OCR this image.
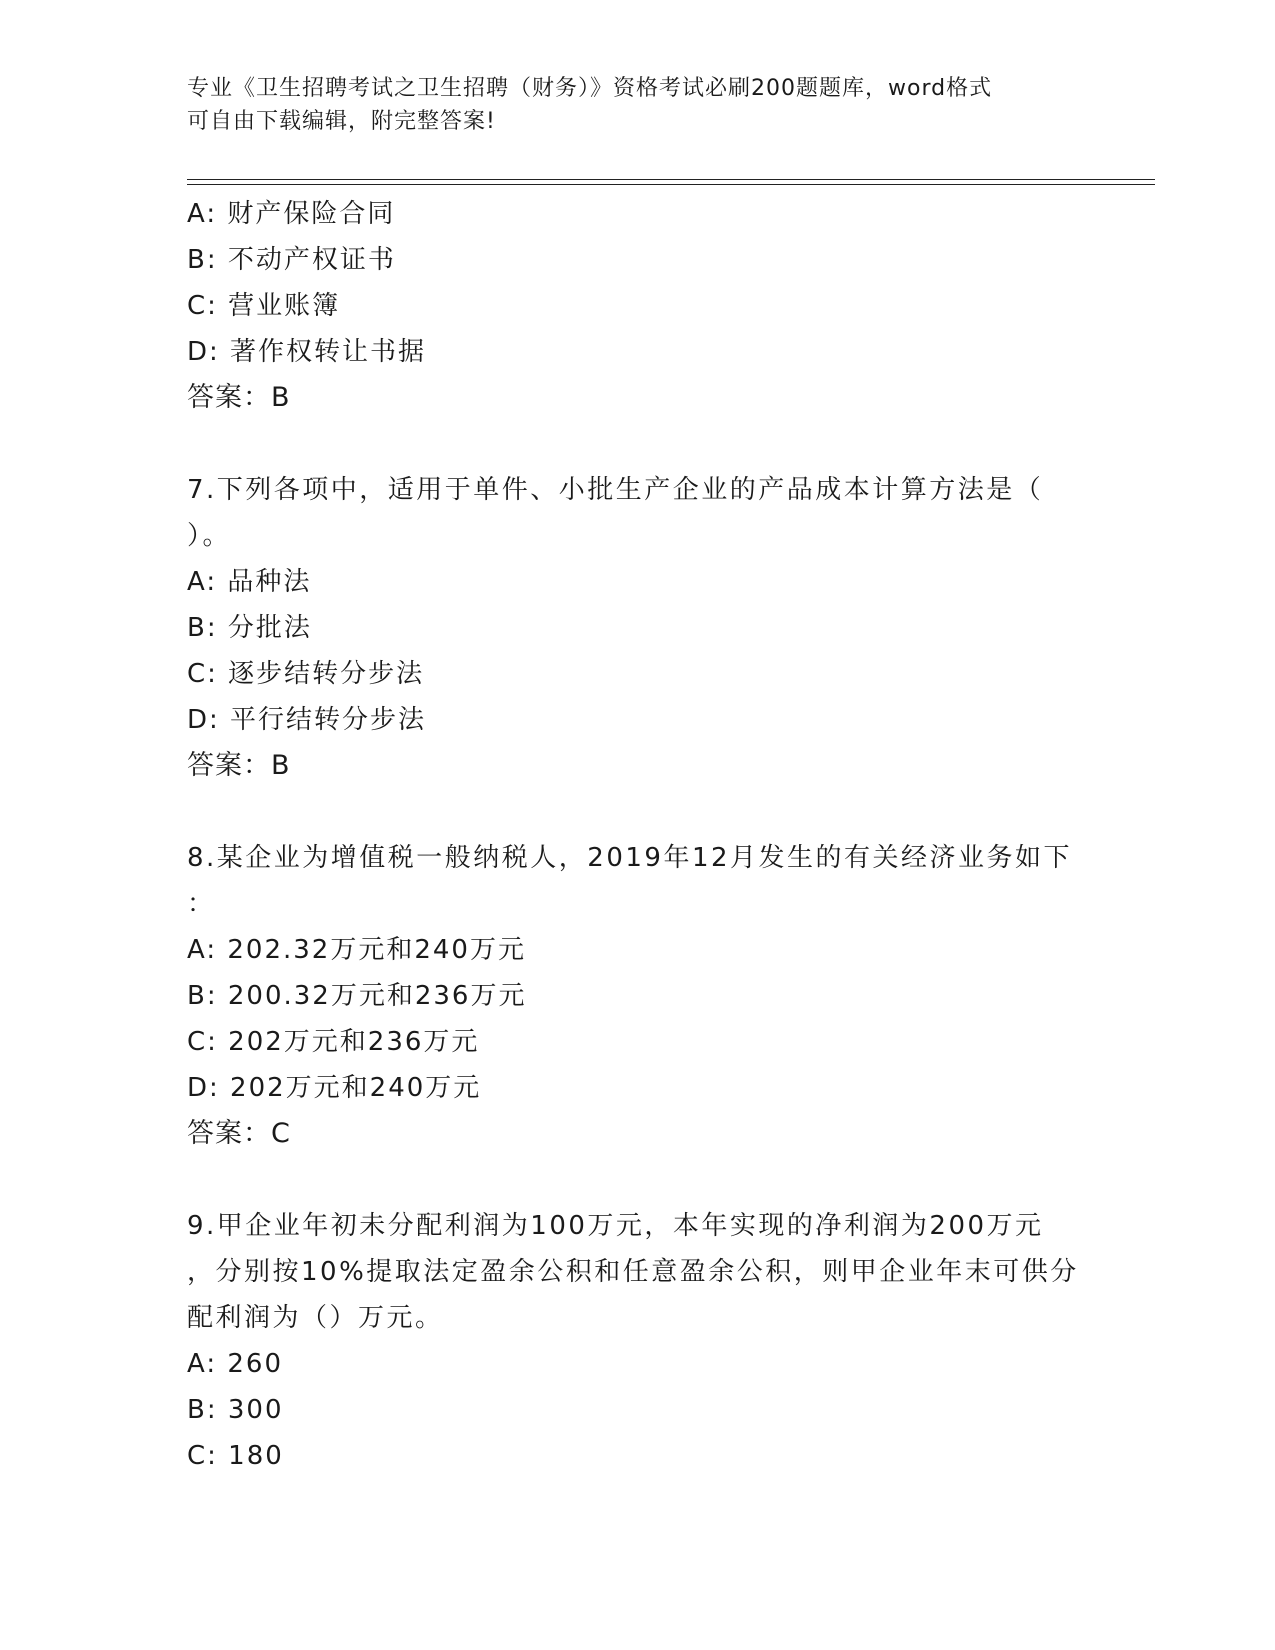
专业《卫生招聘考试之卫生招聘（财务）》资格考试必刷200题题库，word格式
可自由下载编辑，附完整答案!
A: 财产保险合同
B: 不动产权证书
C: 营业账簿
D: 著作权转让书据
答案：B
7.下列各项中，适用于单件、小批生产企业的产品成本计算方法是（
）。
A: 品种法
B: 分批法
C: 逐步结转分步法
D: 平行结转分步法
答案：B
8.某企业为增值税一般纳税人，2019年12月发生的有关经济业务如下
：
A: 202.32万元和240万元
B: 200.32万元和236万元
C: 202万元和236万元
D: 202万元和240万元
答案：C
9.甲企业年初未分配利润为100万元，本年实现的净利润为200万元
，分别按10%提取法定盈余公积和任意盈余公积，则甲企业年末可供分
配利润为（）万元。
A: 260
B: 300
C: 180
